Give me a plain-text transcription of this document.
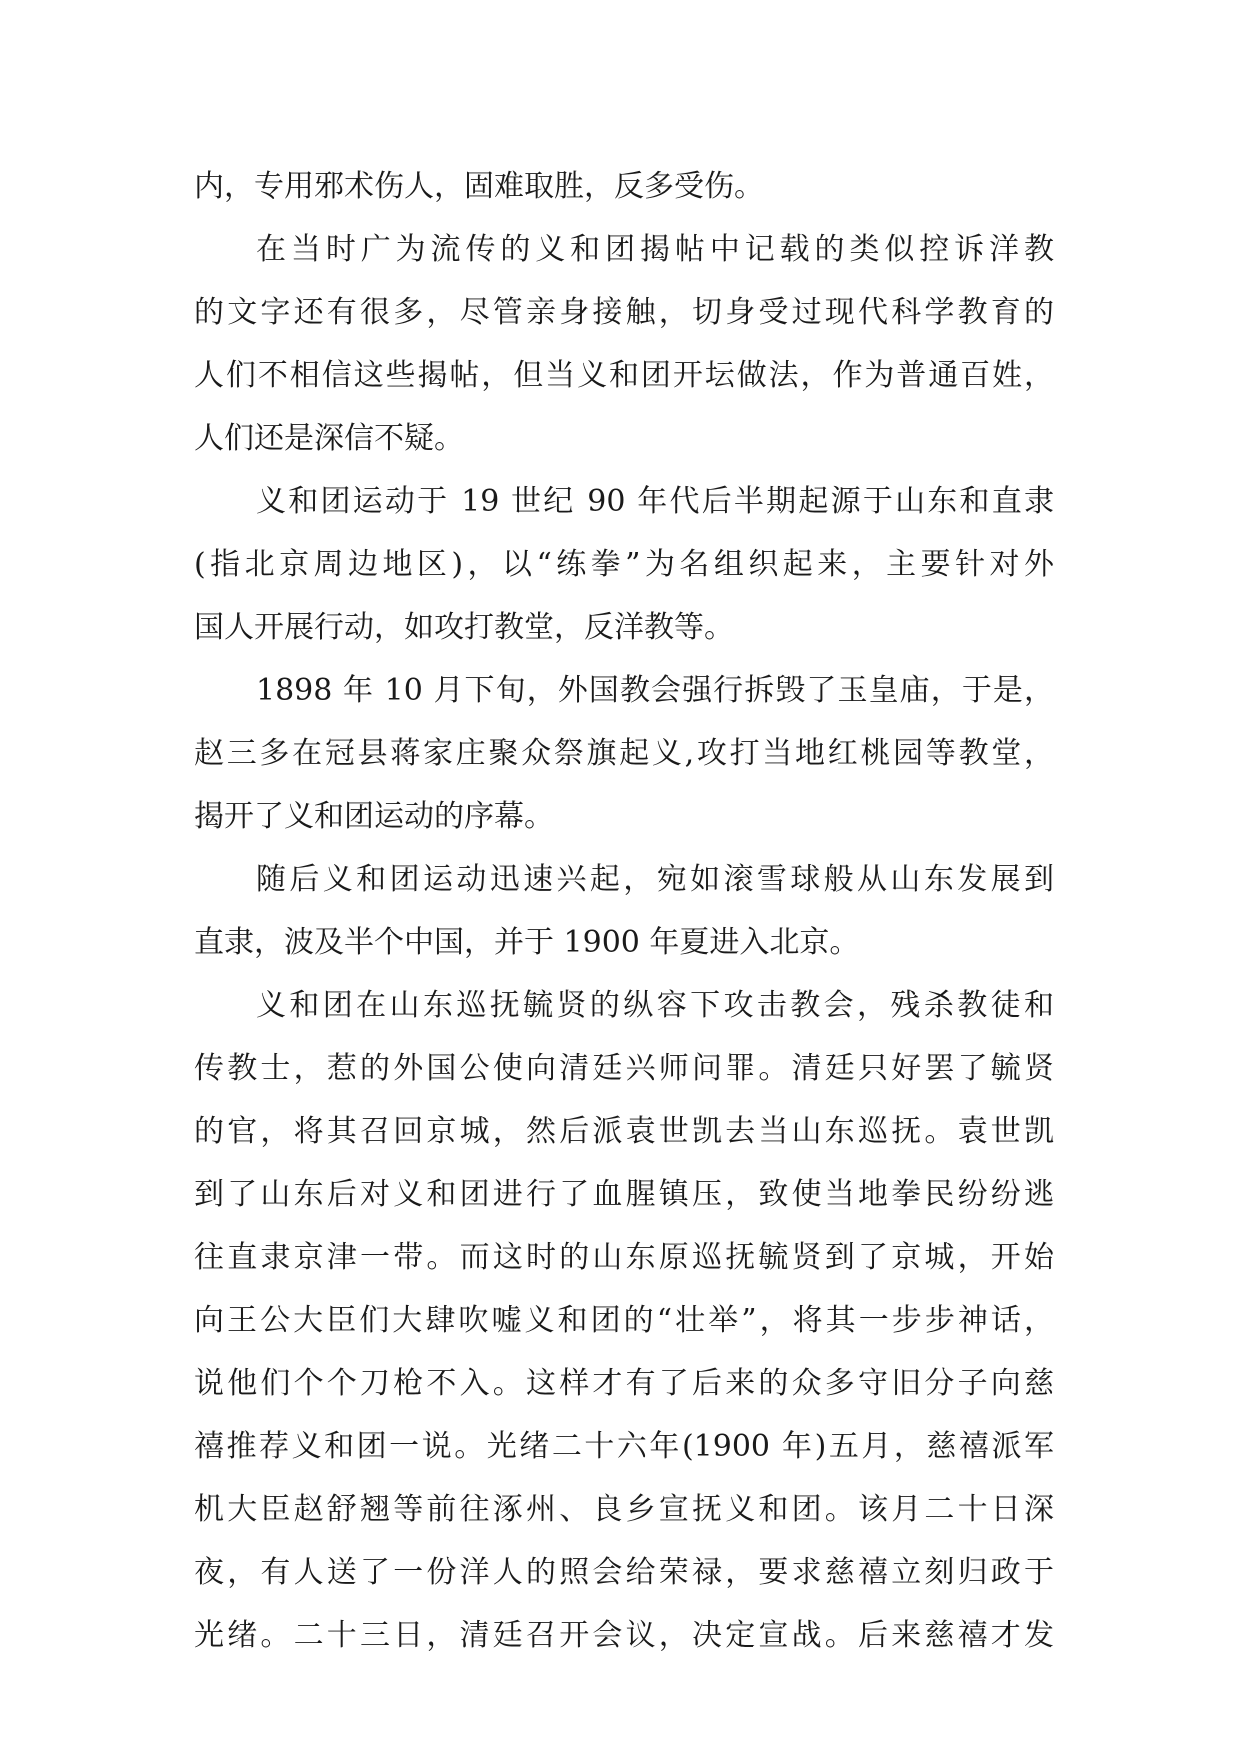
内，专用邪术伤人，固难取胜，反多受伤。
在当时广为流传的义和团揭帖中记载的类似控诉洋教
的文字还有很多，尽管亲身接触，切身受过现代科学教育的
人们不相信这些揭帖，但当义和团开坛做法，作为普通百姓，
人们还是深信不疑。
义和团运动于 19 世纪 90 年代后半期起源于山东和直隶
(指北京周边地区)，以“练拳”为名组织起来，主要针对外
国人开展行动，如攻打教堂，反洋教等。
1898 年 10 月下旬，外国教会强行拆毁了玉皇庙，于是，
赵三多在冠县蒋家庄聚众祭旗起义,攻打当地红桃园等教堂，
揭开了义和团运动的序幕。
随后义和团运动迅速兴起，宛如滚雪球般从山东发展到
直隶，波及半个中国，并于 1900 年夏进入北京。
义和团在山东巡抚毓贤的纵容下攻击教会，残杀教徒和
传教士，惹的外国公使向清廷兴师问罪。清廷只好罢了毓贤
的官，将其召回京城，然后派袁世凯去当山东巡抚。袁世凯
到了山东后对义和团进行了血腥镇压，致使当地拳民纷纷逃
往直隶京津一带。而这时的山东原巡抚毓贤到了京城，开始
向王公大臣们大肆吹嘘义和团的“壮举”，将其一步步神话，
说他们个个刀枪不入。这样才有了后来的众多守旧分子向慈
禧推荐义和团一说。光绪二十六年(1900 年)五月，慈禧派军
机大臣赵舒翘等前往涿州、良乡宣抚义和团。该月二十日深
夜，有人送了一份洋人的照会给荣禄，要求慈禧立刻归政于
光绪。二十三日，清廷召开会议，决定宣战。后来慈禧才发
